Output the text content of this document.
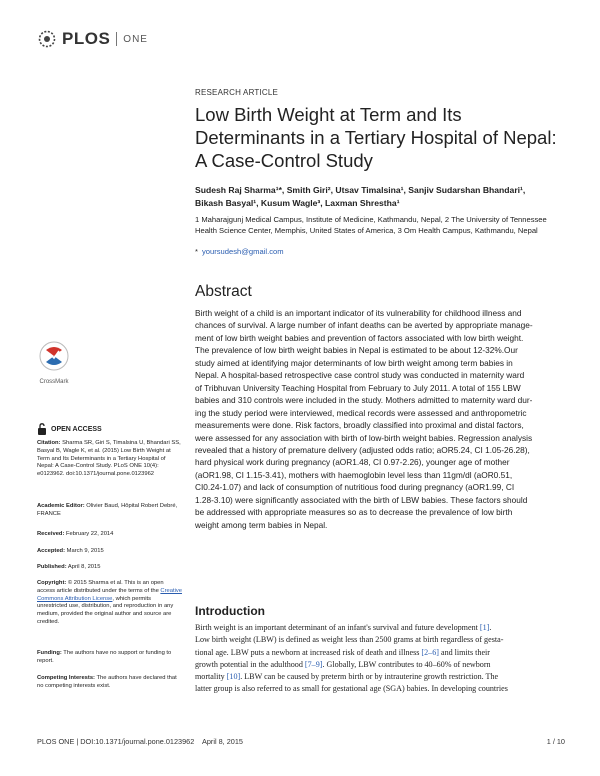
PLOS ONE
RESEARCH ARTICLE
Low Birth Weight at Term and Its
Determinants in a Tertiary Hospital of Nepal:
A Case-Control Study
Sudesh Raj Sharma¹*, Smith Giri², Utsav Timalsina¹, Sanjiv Sudarshan Bhandari¹,
Bikash Basyal¹, Kusum Wagle³, Laxman Shrestha¹
1 Maharajgunj Medical Campus, Institute of Medicine, Kathmandu, Nepal, 2 The University of Tennessee
Health Science Center, Memphis, United States of America, 3 Om Health Campus, Kathmandu, Nepal
* yoursudesh@gmail.com
Abstract
Birth weight of a child is an important indicator of its vulnerability for childhood illness and
chances of survival. A large number of infant deaths can be averted by appropriate manage-
ment of low birth weight babies and prevention of factors associated with low birth weight.
The prevalence of low birth weight babies in Nepal is estimated to be about 12-32%.Our
study aimed at identifying major determinants of low birth weight among term babies in
Nepal. A hospital-based retrospective case control study was conducted in maternity ward
of Tribhuvan University Teaching Hospital from February to July 2011. A total of 155 LBW
babies and 310 controls were included in the study. Mothers admitted to maternity ward dur-
ing the study period were interviewed, medical records were assessed and anthropometric
measurements were done. Risk factors, broadly classified into proximal and distal factors,
were assessed for any association with birth of low-birth weight babies. Regression analysis
revealed that a history of premature delivery (adjusted odds ratio; aOR5.24, CI 1.05-26.28),
hard physical work during pregnancy (aOR1.48, CI 0.97-2.26), younger age of mother
(aOR1.98, CI 1.15-3.41), mothers with haemoglobin level less than 11gm/dl (aOR0.51,
CI0.24-1.07) and lack of consumption of nutritious food during pregnancy (aOR1.99, CI
1.28-3.10) were significantly associated with the birth of LBW babies. These factors should
be addressed with appropriate measures so as to decrease the prevalence of low birth
weight among term babies in Nepal.
Introduction
Birth weight is an important determinant of an infant's survival and future development [1].
Low birth weight (LBW) is defined as weight less than 2500 grams at birth regardless of gesta-
tional age. LBW puts a newborn at increased risk of death and illness [2–6] and limits their
growth potential in the adulthood [7–9]. Globally, LBW contributes to 40–60% of newborn
mortality [10]. LBW can be caused by preterm birth or by intrauterine growth restriction. The
latter group is also referred to as small for gestational age (SGA) babies. In developing countries
CrossMark
OPEN ACCESS
Citation: Sharma SR, Giri S, Timalsina U, Bhandari SS, Basyal B, Wagle K, et al. (2015) Low Birth Weight at Term and Its Determinants in a Tertiary Hospital of Nepal: A Case-Control Study. PLoS ONE 10(4): e0123962. doi:10.1371/journal.pone.0123962
Academic Editor: Olivier Baud, Hôpital Robert Debré, FRANCE
Received: February 22, 2014
Accepted: March 9, 2015
Published: April 8, 2015
Copyright: © 2015 Sharma et al. This is an open access article distributed under the terms of the Creative Commons Attribution License, which permits unrestricted use, distribution, and reproduction in any medium, provided the original author and source are credited.
Funding: The authors have no support or funding to report.
Competing Interests: The authors have declared that no competing interests exist.
PLOS ONE | DOI:10.1371/journal.pone.0123962    April 8, 2015	1 / 10
